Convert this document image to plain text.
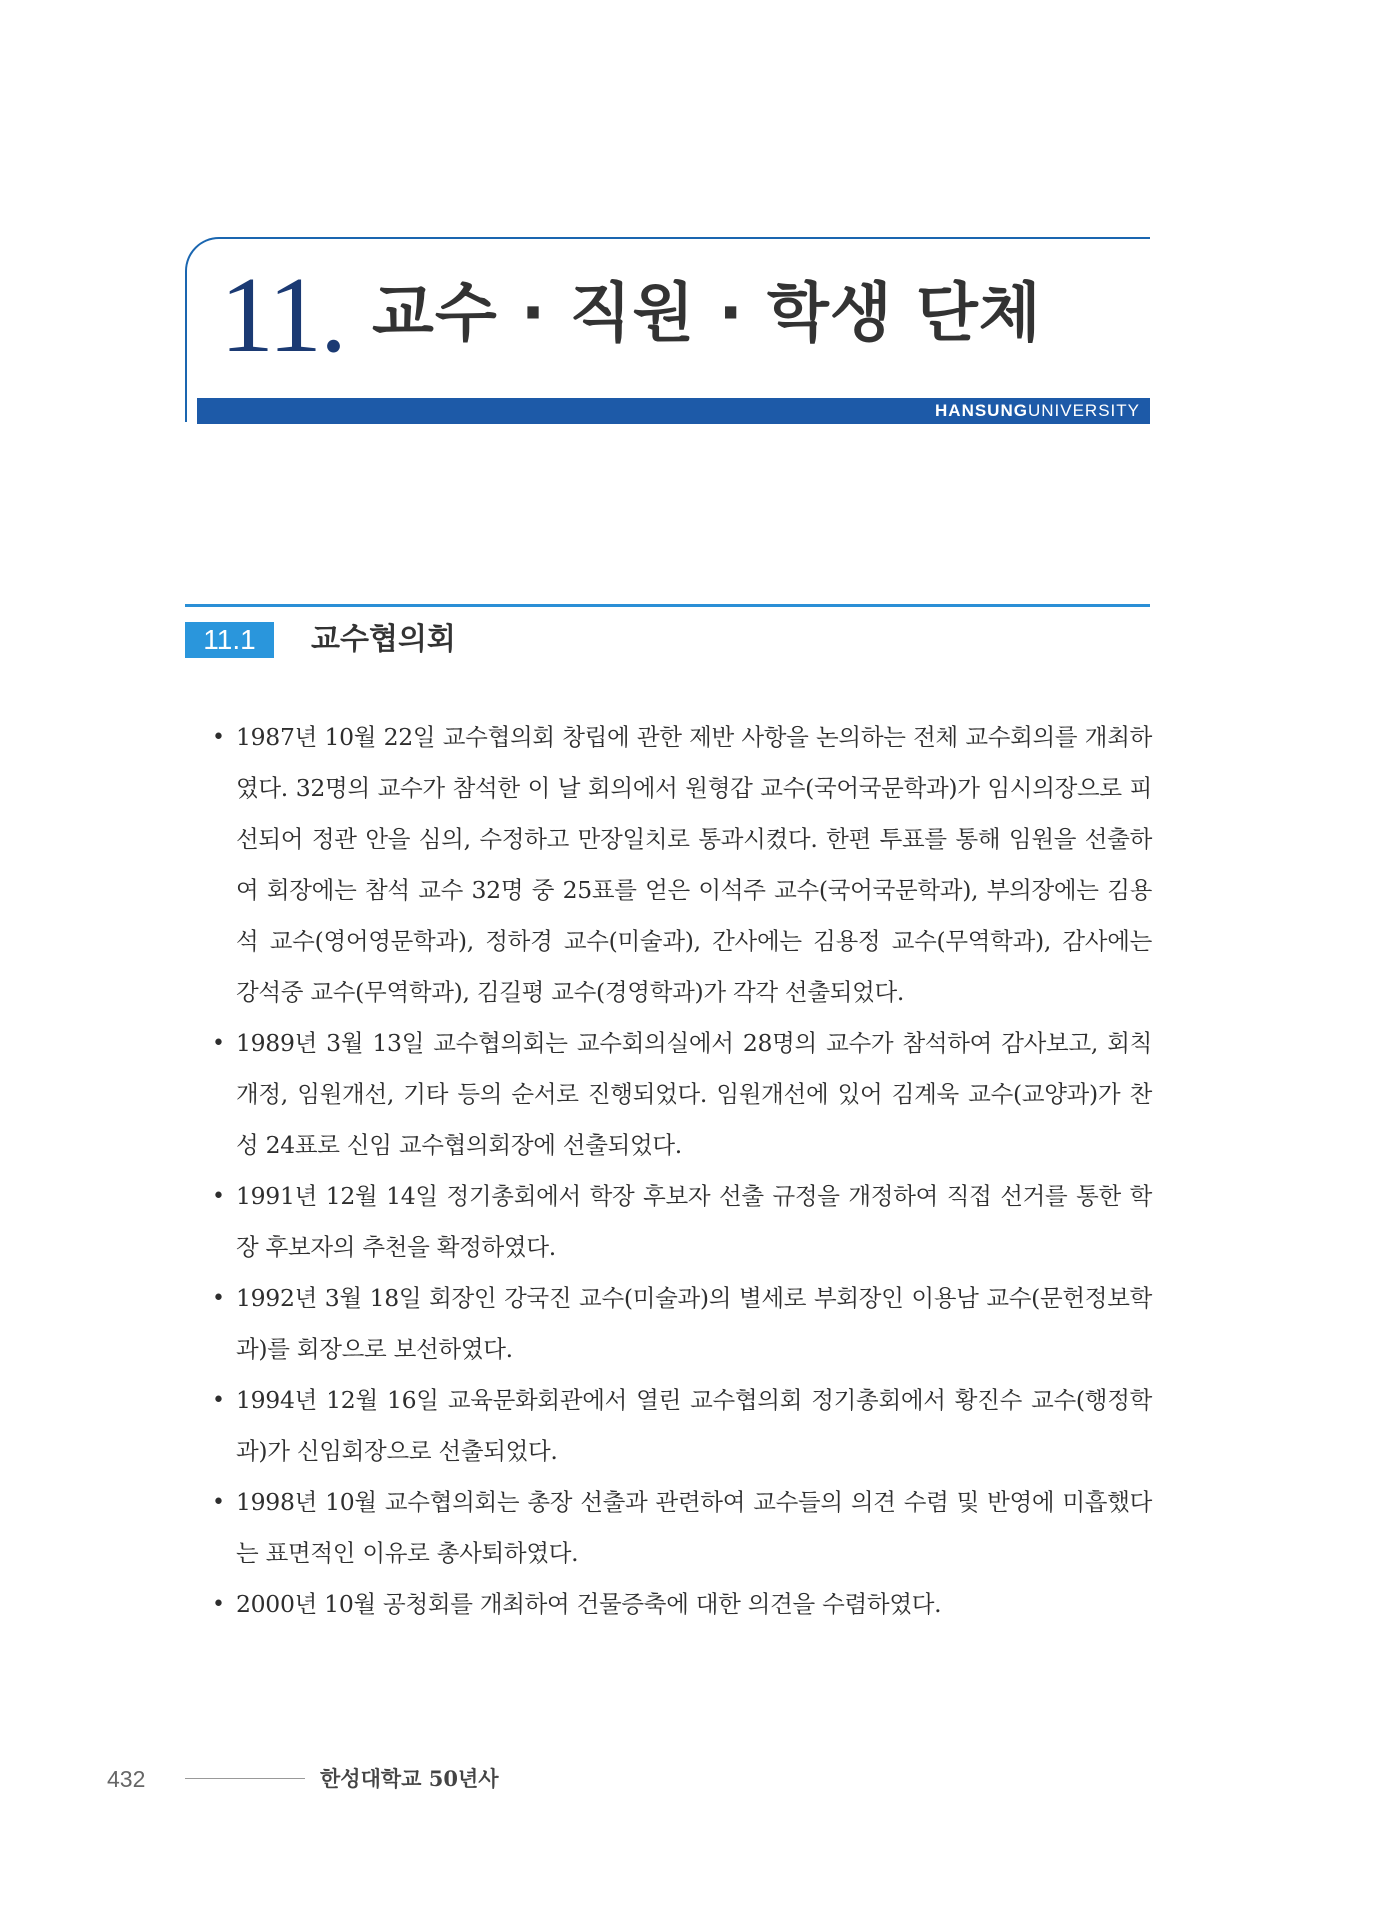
11. 교수 · 직원 · 학생 단체
HANSUNGUNIVERSITY
11.1	교수협의회
• 1987년 10월 22일 교수협의회 창립에 관한 제반 사항을 논의하는 전체 교수회의를 개최하였다. 32명의 교수가 참석한 이 날 회의에서 원형갑 교수(국어국문학과)가 임시의장으로 피선되어 정관 안을 심의, 수정하고 만장일치로 통과시켰다. 한편 투표를 통해 임원을 선출하여 회장에는 참석 교수 32명 중 25표를 얻은 이석주 교수(국어국문학과), 부의장에는 김용석 교수(영어영문학과), 정하경 교수(미술과), 간사에는 김용정 교수(무역학과), 감사에는 강석중 교수(무역학과), 김길평 교수(경영학과)가 각각 선출되었다.
• 1989년 3월 13일 교수협의회는 교수회의실에서 28명의 교수가 참석하여 감사보고, 회칙개정, 임원개선, 기타 등의 순서로 진행되었다. 임원개선에 있어 김계욱 교수(교양과)가 찬성 24표로 신임 교수협의회장에 선출되었다.
• 1991년 12월 14일 정기총회에서 학장 후보자 선출 규정을 개정하여 직접 선거를 통한 학장 후보자의 추천을 확정하였다.
• 1992년 3월 18일 회장인 강국진 교수(미술과)의 별세로 부회장인 이용남 교수(문헌정보학과)를 회장으로 보선하였다.
• 1994년 12월 16일 교육문화회관에서 열린 교수협의회 정기총회에서 황진수 교수(행정학과)가 신임회장으로 선출되었다.
• 1998년 10월 교수협의회는 총장 선출과 관련하여 교수들의 의견 수렴 및 반영에 미흡했다는 표면적인 이유로 총사퇴하였다.
• 2000년 10월 공청회를 개최하여 건물증축에 대한 의견을 수렴하였다.
432	한성대학교 50년사
